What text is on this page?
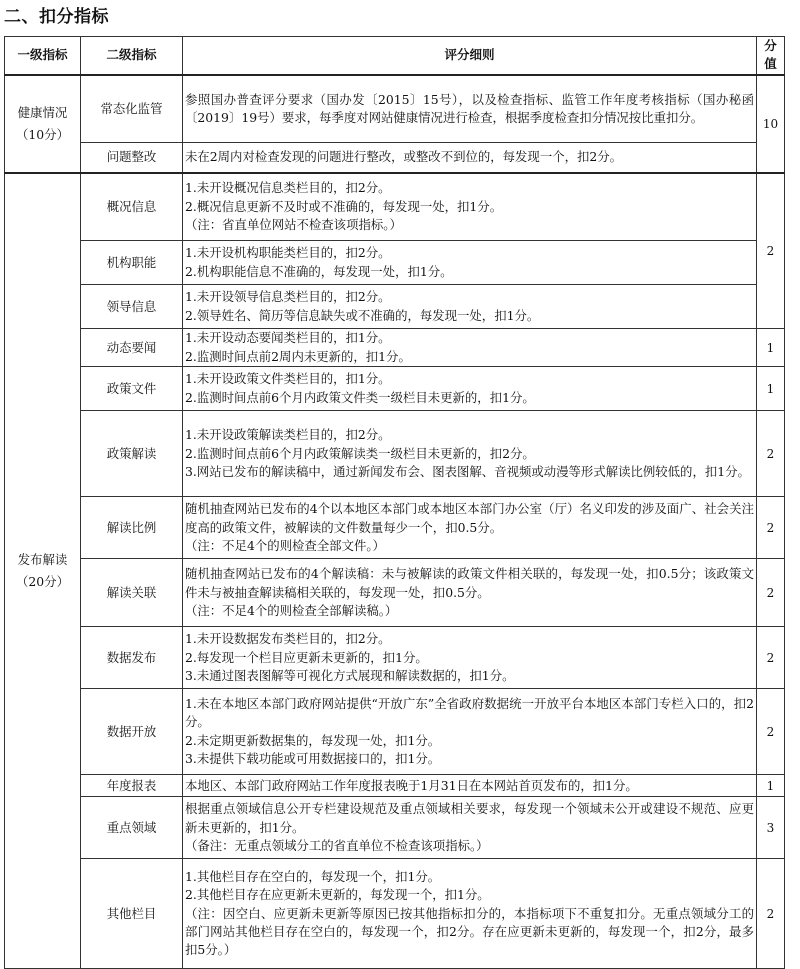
二、扣分指标
一级指标	二级指标	评分细则	分值

健康情况
（10分）	常态化监管	参照国办普查评分要求（国办发〔2015〕15号），以及检查指标、监管工作年度考核指标（国办秘函〔2019〕19号）要求，每季度对网站健康情况进行检查，根据季度检查扣分情况按比重扣分。	10
	问题整改	未在2周内对检查发现的问题进行整改，或整改不到位的，每发现一个，扣2分。	

发布解读
（20分）	概况信息	1.未开设概况信息类栏目的，扣2分。
2.概况信息更新不及时或不准确的，每发现一处，扣1分。
（注：省直单位网站不检查该项指标。）	2
	机构职能	1.未开设机构职能类栏目的，扣2分。
2.机构职能信息不准确的，每发现一处，扣1分。	

	领导信息	1.未开设领导信息类栏目的，扣2分。
2.领导姓名、简历等信息缺失或不准确的，每发现一处，扣1分。	

	动态要闻	1.未开设动态要闻类栏目的，扣1分。
2.监测时间点前2周内未更新的，扣1分。	1
	政策文件	1.未开设政策文件类栏目的，扣1分。
2.监测时间点前6个月内政策文件类一级栏目未更新的，扣1分。	1
	政策解读	1.未开设政策解读类栏目的，扣2分。
2.监测时间点前6个月内政策解读类一级栏目未更新的，扣2分。
3.网站已发布的解读稿中，通过新闻发布会、图表图解、音视频或动漫等形式解读比例较低的，扣1分。	2
	解读比例	随机抽查网站已发布的4个以本地区本部门或本地区本部门办公室（厅）名义印发的涉及面广、社会关注度高的政策文件，被解读的文件数量每少一个，扣0.5分。
（注：不足4个的则检查全部文件。）	2
	解读关联	随机抽查网站已发布的4个解读稿：未与被解读的政策文件相关联的，每发现一处，扣0.5分；该政策文件未与被抽查解读稿相关联的，每发现一处，扣0.5分。
（注：不足4个的则检查全部解读稿。）	2
	数据发布	1.未开设数据发布类栏目的，扣2分。
2.每发现一个栏目应更新未更新的，扣1分。
3.未通过图表图解等可视化方式展现和解读数据的，扣1分。	2
	数据开放	1.未在本地区本部门政府网站提供“开放广东”全省政府数据统一开放平台本地区本部门专栏入口的，扣2分。
2.未定期更新数据集的，每发现一处，扣1分。
3.未提供下载功能或可用数据接口的，扣1分。	2
	年度报表	本地区、本部门政府网站工作年度报表晚于1月31日在本网站首页发布的，扣1分。	1
	重点领域	根据重点领域信息公开专栏建设规范及重点领域相关要求，每发现一个领域未公开或建设不规范、应更新未更新的，扣1分。
（备注：无重点领域分工的省直单位不检查该项指标。）	3
	其他栏目	1.其他栏目存在空白的，每发现一个，扣1分。
2.其他栏目存在应更新未更新的，每发现一个，扣1分。
（注：因空白、应更新未更新等原因已按其他指标扣分的，本指标项下不重复扣分。无重点领域分工的部门网站其他栏目存在空白的，每发现一个，扣2分。存在应更新未更新的，每发现一个，扣2分，最多扣5分。）	2
